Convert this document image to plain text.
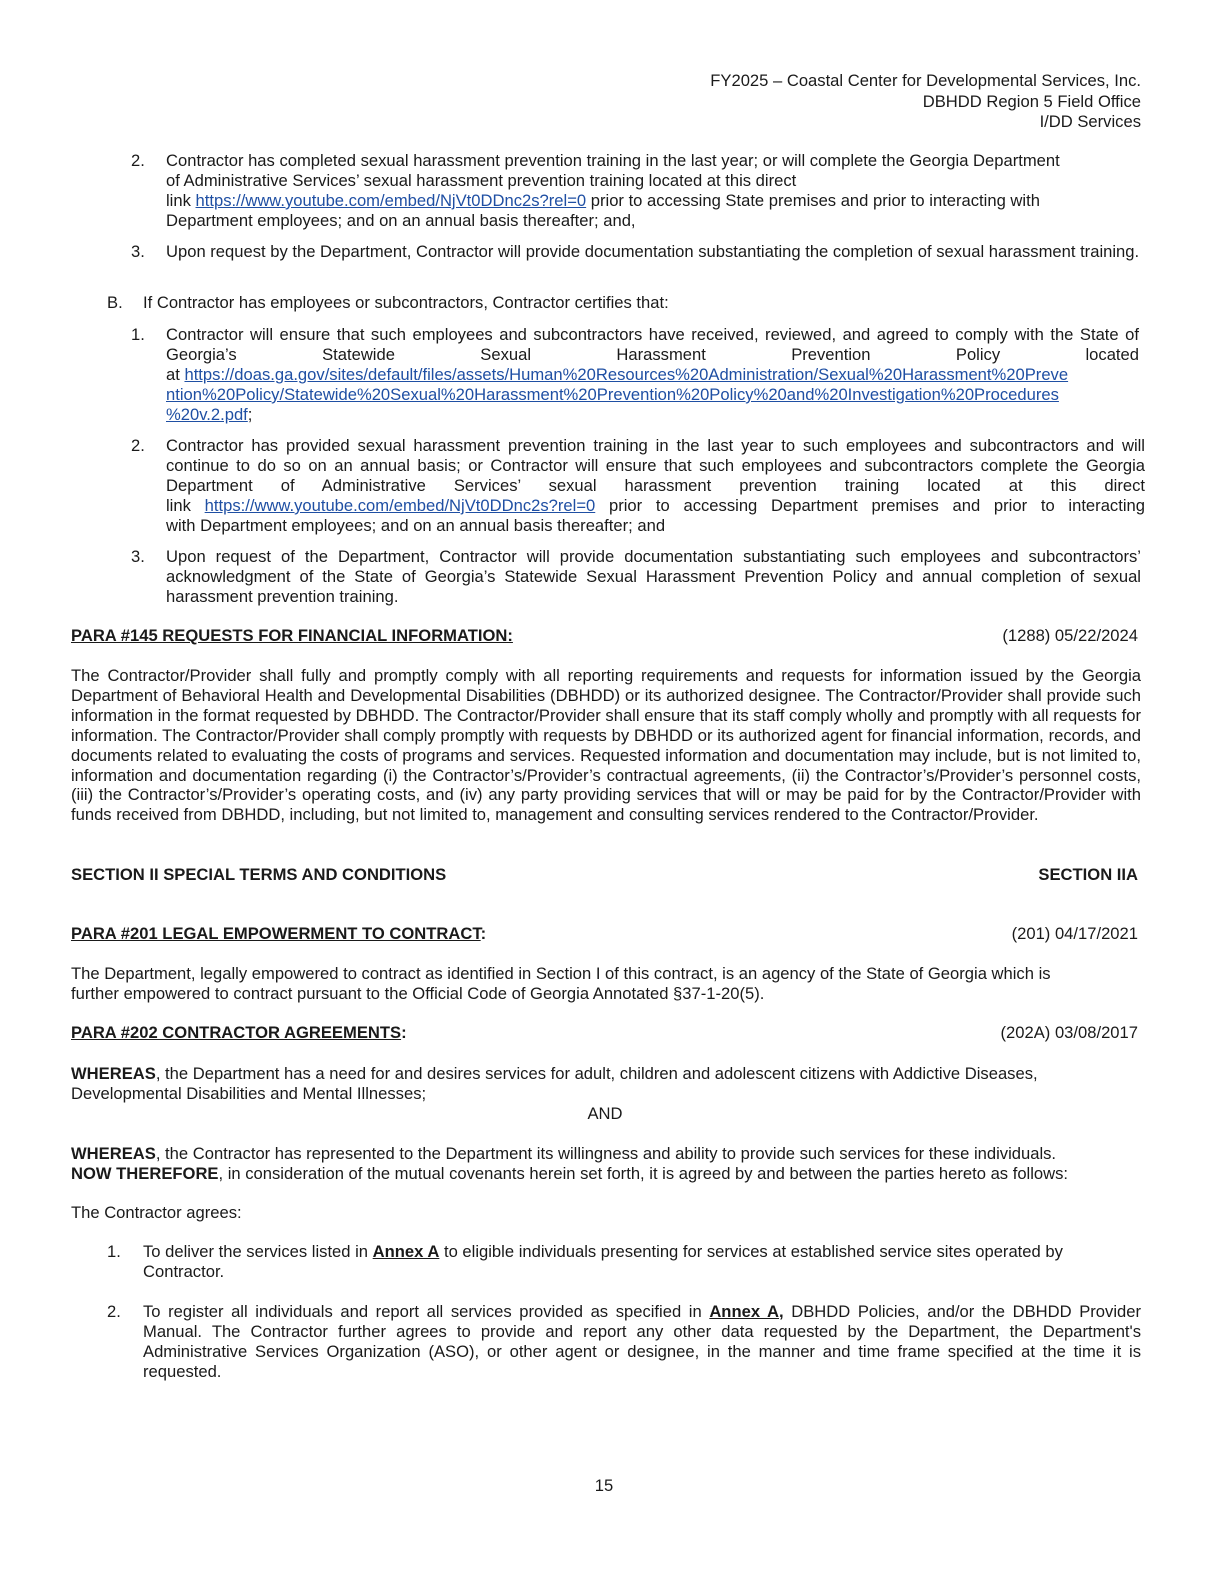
FY2025 – Coastal Center for Developmental Services, Inc.
DBHDD Region 5 Field Office
I/DD Services
2. Contractor has completed sexual harassment prevention training in the last year; or will complete the Georgia Department
of Administrative Services’ sexual harassment prevention training located at this direct
link https://www.youtube.com/embed/NjVt0DDnc2s?rel=0 prior to accessing State premises and prior to interacting with
Department employees; and on an annual basis thereafter; and,
3. Upon request by the Department, Contractor will provide documentation substantiating the completion of sexual harassment training.
B. If Contractor has employees or subcontractors, Contractor certifies that:
1. Contractor will ensure that such employees and subcontractors have received, reviewed, and agreed to comply with the State of Georgia’s Statewide Sexual Harassment Prevention Policy located
at https://doas.ga.gov/sites/default/files/assets/Human%20Resources%20Administration/Sexual%20Harassment%20Preve
ntion%20Policy/Statewide%20Sexual%20Harassment%20Prevention%20Policy%20and%20Investigation%20Procedures
%20v.2.pdf;
2. Contractor has provided sexual harassment prevention training in the last year to such employees and subcontractors and will continue to do so on an annual basis; or Contractor will ensure that such employees and subcontractors complete the Georgia Department of Administrative Services’ sexual harassment prevention training located at this direct
link https://www.youtube.com/embed/NjVt0DDnc2s?rel=0 prior to accessing Department premises and prior to interacting
with Department employees; and on an annual basis thereafter; and
3. Upon request of the Department, Contractor will provide documentation substantiating such employees and subcontractors’ acknowledgment of the State of Georgia’s Statewide Sexual Harassment Prevention Policy and annual completion of sexual harassment prevention training.
PARA #145 REQUESTS FOR FINANCIAL INFORMATION:	(1288) 05/22/2024
The Contractor/Provider shall fully and promptly comply with all reporting requirements and requests for information issued by the Georgia Department of Behavioral Health and Developmental Disabilities (DBHDD) or its authorized designee. The Contractor/Provider shall provide such information in the format requested by DBHDD. The Contractor/Provider shall ensure that its staff comply wholly and promptly with all requests for information. The Contractor/Provider shall comply promptly with requests by DBHDD or its authorized agent for financial information, records, and documents related to evaluating the costs of programs and services. Requested information and documentation may include, but is not limited to, information and documentation regarding (i) the Contractor’s/Provider’s contractual agreements, (ii) the Contractor’s/Provider’s personnel costs, (iii) the Contractor’s/Provider’s operating costs, and (iv) any party providing services that will or may be paid for by the Contractor/Provider with funds received from DBHDD, including, but not limited to, management and consulting services rendered to the Contractor/Provider.
SECTION II SPECIAL TERMS AND CONDITIONS	SECTION IIA
PARA #201 LEGAL EMPOWERMENT TO CONTRACT:	(201) 04/17/2021
The Department, legally empowered to contract as identified in Section I of this contract, is an agency of the State of Georgia which is
further empowered to contract pursuant to the Official Code of Georgia Annotated §37-1-20(5).
PARA #202 CONTRACTOR AGREEMENTS:	(202A) 03/08/2017
WHEREAS, the Department has a need for and desires services for adult, children and adolescent citizens with Addictive Diseases,
Developmental Disabilities and Mental Illnesses;
AND
WHEREAS, the Contractor has represented to the Department its willingness and ability to provide such services for these individuals.
NOW THEREFORE, in consideration of the mutual covenants herein set forth, it is agreed by and between the parties hereto as follows:
The Contractor agrees:
1. To deliver the services listed in Annex A to eligible individuals presenting for services at established service sites operated by
Contractor.
2. To register all individuals and report all services provided as specified in Annex A, DBHDD Policies, and/or the DBHDD Provider Manual. The Contractor further agrees to provide and report any other data requested by the Department, the Department's Administrative Services Organization (ASO), or other agent or designee, in the manner and time frame specified at the time it is requested.
15
